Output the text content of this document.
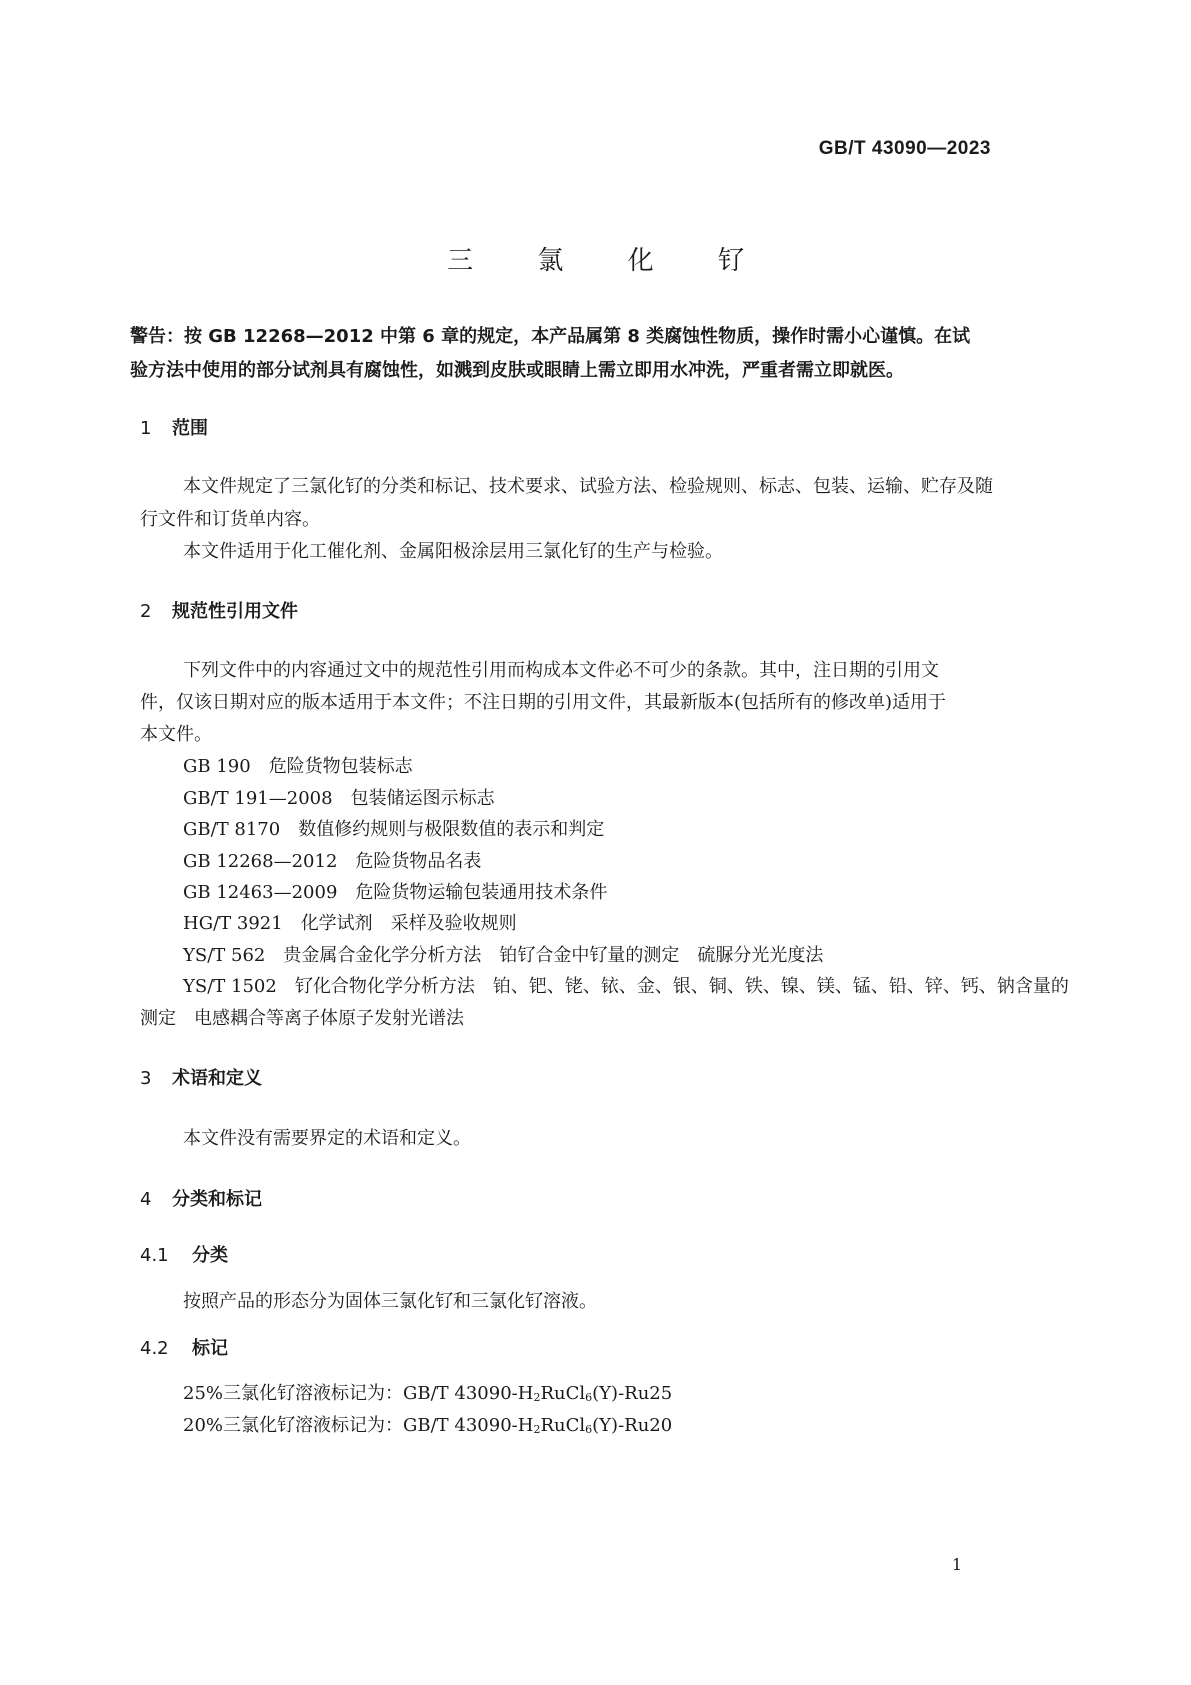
GB/T 43090—2023
三 氯 化 钌
警告：按 GB 12268—2012 中第 6 章的规定，本产品属第 8 类腐蚀性物质，操作时需小心谨慎。在试
验方法中使用的部分试剂具有腐蚀性，如溅到皮肤或眼睛上需立即用水冲洗，严重者需立即就医。
1 范围
本文件规定了三氯化钌的分类和标记、技术要求、试验方法、检验规则、标志、包装、运输、贮存及随
行文件和订货单内容。
本文件适用于化工催化剂、金属阳极涂层用三氯化钌的生产与检验。
2 规范性引用文件
下列文件中的内容通过文中的规范性引用而构成本文件必不可少的条款。其中，注日期的引用文
件，仅该日期对应的版本适用于本文件；不注日期的引用文件，其最新版本(包括所有的修改单)适用于
本文件。
GB 190 危险货物包装标志
GB/T 191—2008 包装储运图示标志
GB/T 8170 数值修约规则与极限数值的表示和判定
GB 12268—2012 危险货物品名表
GB 12463—2009 危险货物运输包装通用技术条件
HG/T 3921 化学试剂　采样及验收规则
YS/T 562 贵金属合金化学分析方法　铂钌合金中钌量的测定　硫脲分光光度法
YS/T 1502 钌化合物化学分析方法　铂、钯、铑、铱、金、银、铜、铁、镍、镁、锰、铅、锌、钙、钠含量的
测定　电感耦合等离子体原子发射光谱法
3 术语和定义
本文件没有需要界定的术语和定义。
4 分类和标记
4.1 分类
按照产品的形态分为固体三氯化钌和三氯化钌溶液。
4.2 标记
25%三氯化钌溶液标记为：GB/T $43090-H_2RuCl_6(Y)-Ru25$
20%三氯化钌溶液标记为：GB/T $43090-H_2RuCl_6(Y)-Ru20$
1
